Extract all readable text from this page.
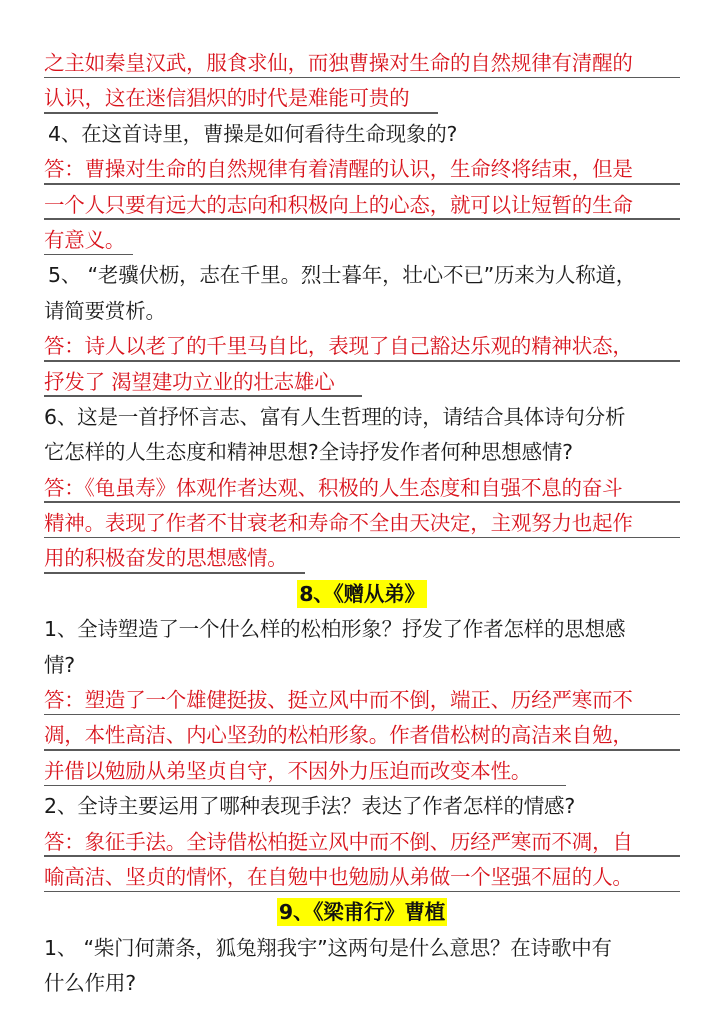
之主如秦皇汉武，服食求仙，而独曹操对生命的自然规律有清醒的
认识，这在迷信猖炽的时代是难能可贵的
4、在这首诗里，曹操是如何看待生命现象的?
答：曹操对生命的自然规律有着清醒的认识，生命终将结束，但是
一个人只要有远大的志向和积极向上的心态，就可以让短暂的生命
有意义。
5、 “老骥伏枥，志在千里。烈士暮年，壮心不已”历来为人称道，
请简要赏析。
答：诗人以老了的千里马自比，表现了自己豁达乐观的精神状态，
抒发了 渴望建功立业的壮志雄心
6、这是一首抒怀言志、富有人生哲理的诗，请结合具体诗句分析
它怎样的人生态度和精神思想?全诗抒发作者何种思想感情?
答：《龟虽寿》体观作者达观、积极的人生态度和自强不息的奋斗
精神。表现了作者不甘衰老和寿命不全由天决定，主观努力也起作
用的积极奋发的思想感情。
8、《赠从弟》
1、全诗塑造了一个什么样的松柏形象？抒发了作者怎样的思想感
情?
答：塑造了一个雄健挺拔、挺立风中而不倒，端正、历经严寒而不
凋，本性高洁、内心坚劲的松柏形象。作者借松树的高洁来自勉，
并借以勉励从弟坚贞自守，不因外力压迫而改变本性。
2、全诗主要运用了哪种表现手法？表达了作者怎样的情感?
答：象征手法。全诗借松柏挺立风中而不倒、历经严寒而不凋，自
喻高洁、坚贞的情怀，在自勉中也勉励从弟做一个坚强不屈的人。
9、《梁甫行》曹植
1、 “柴门何萧条，狐兔翔我宇”这两句是什么意思？在诗歌中有
什么作用?
